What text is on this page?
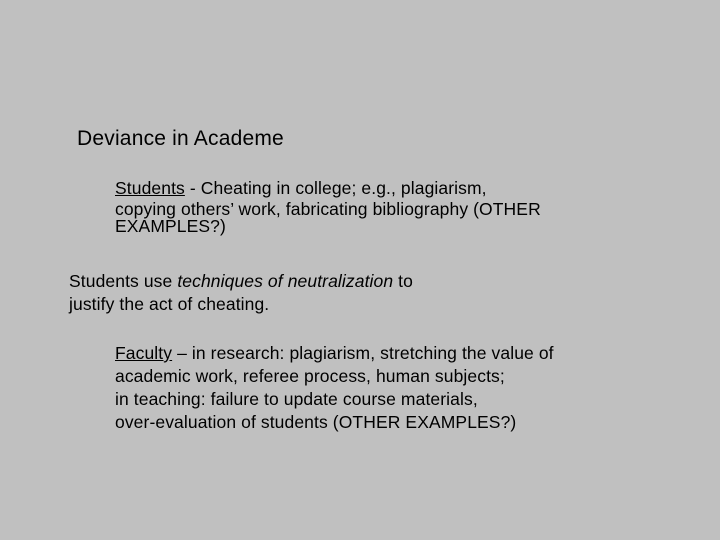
Deviance in Academe
Students - Cheating in college; e.g., plagiarism,
copying others’ work, fabricating bibliography (OTHER
EXAMPLES?)
Students use techniques of neutralization to
justify the act of cheating.
Faculty – in research: plagiarism, stretching the value of
academic work, referee process, human subjects;
in teaching: failure to update course materials,
over-evaluation of students (OTHER EXAMPLES?)
